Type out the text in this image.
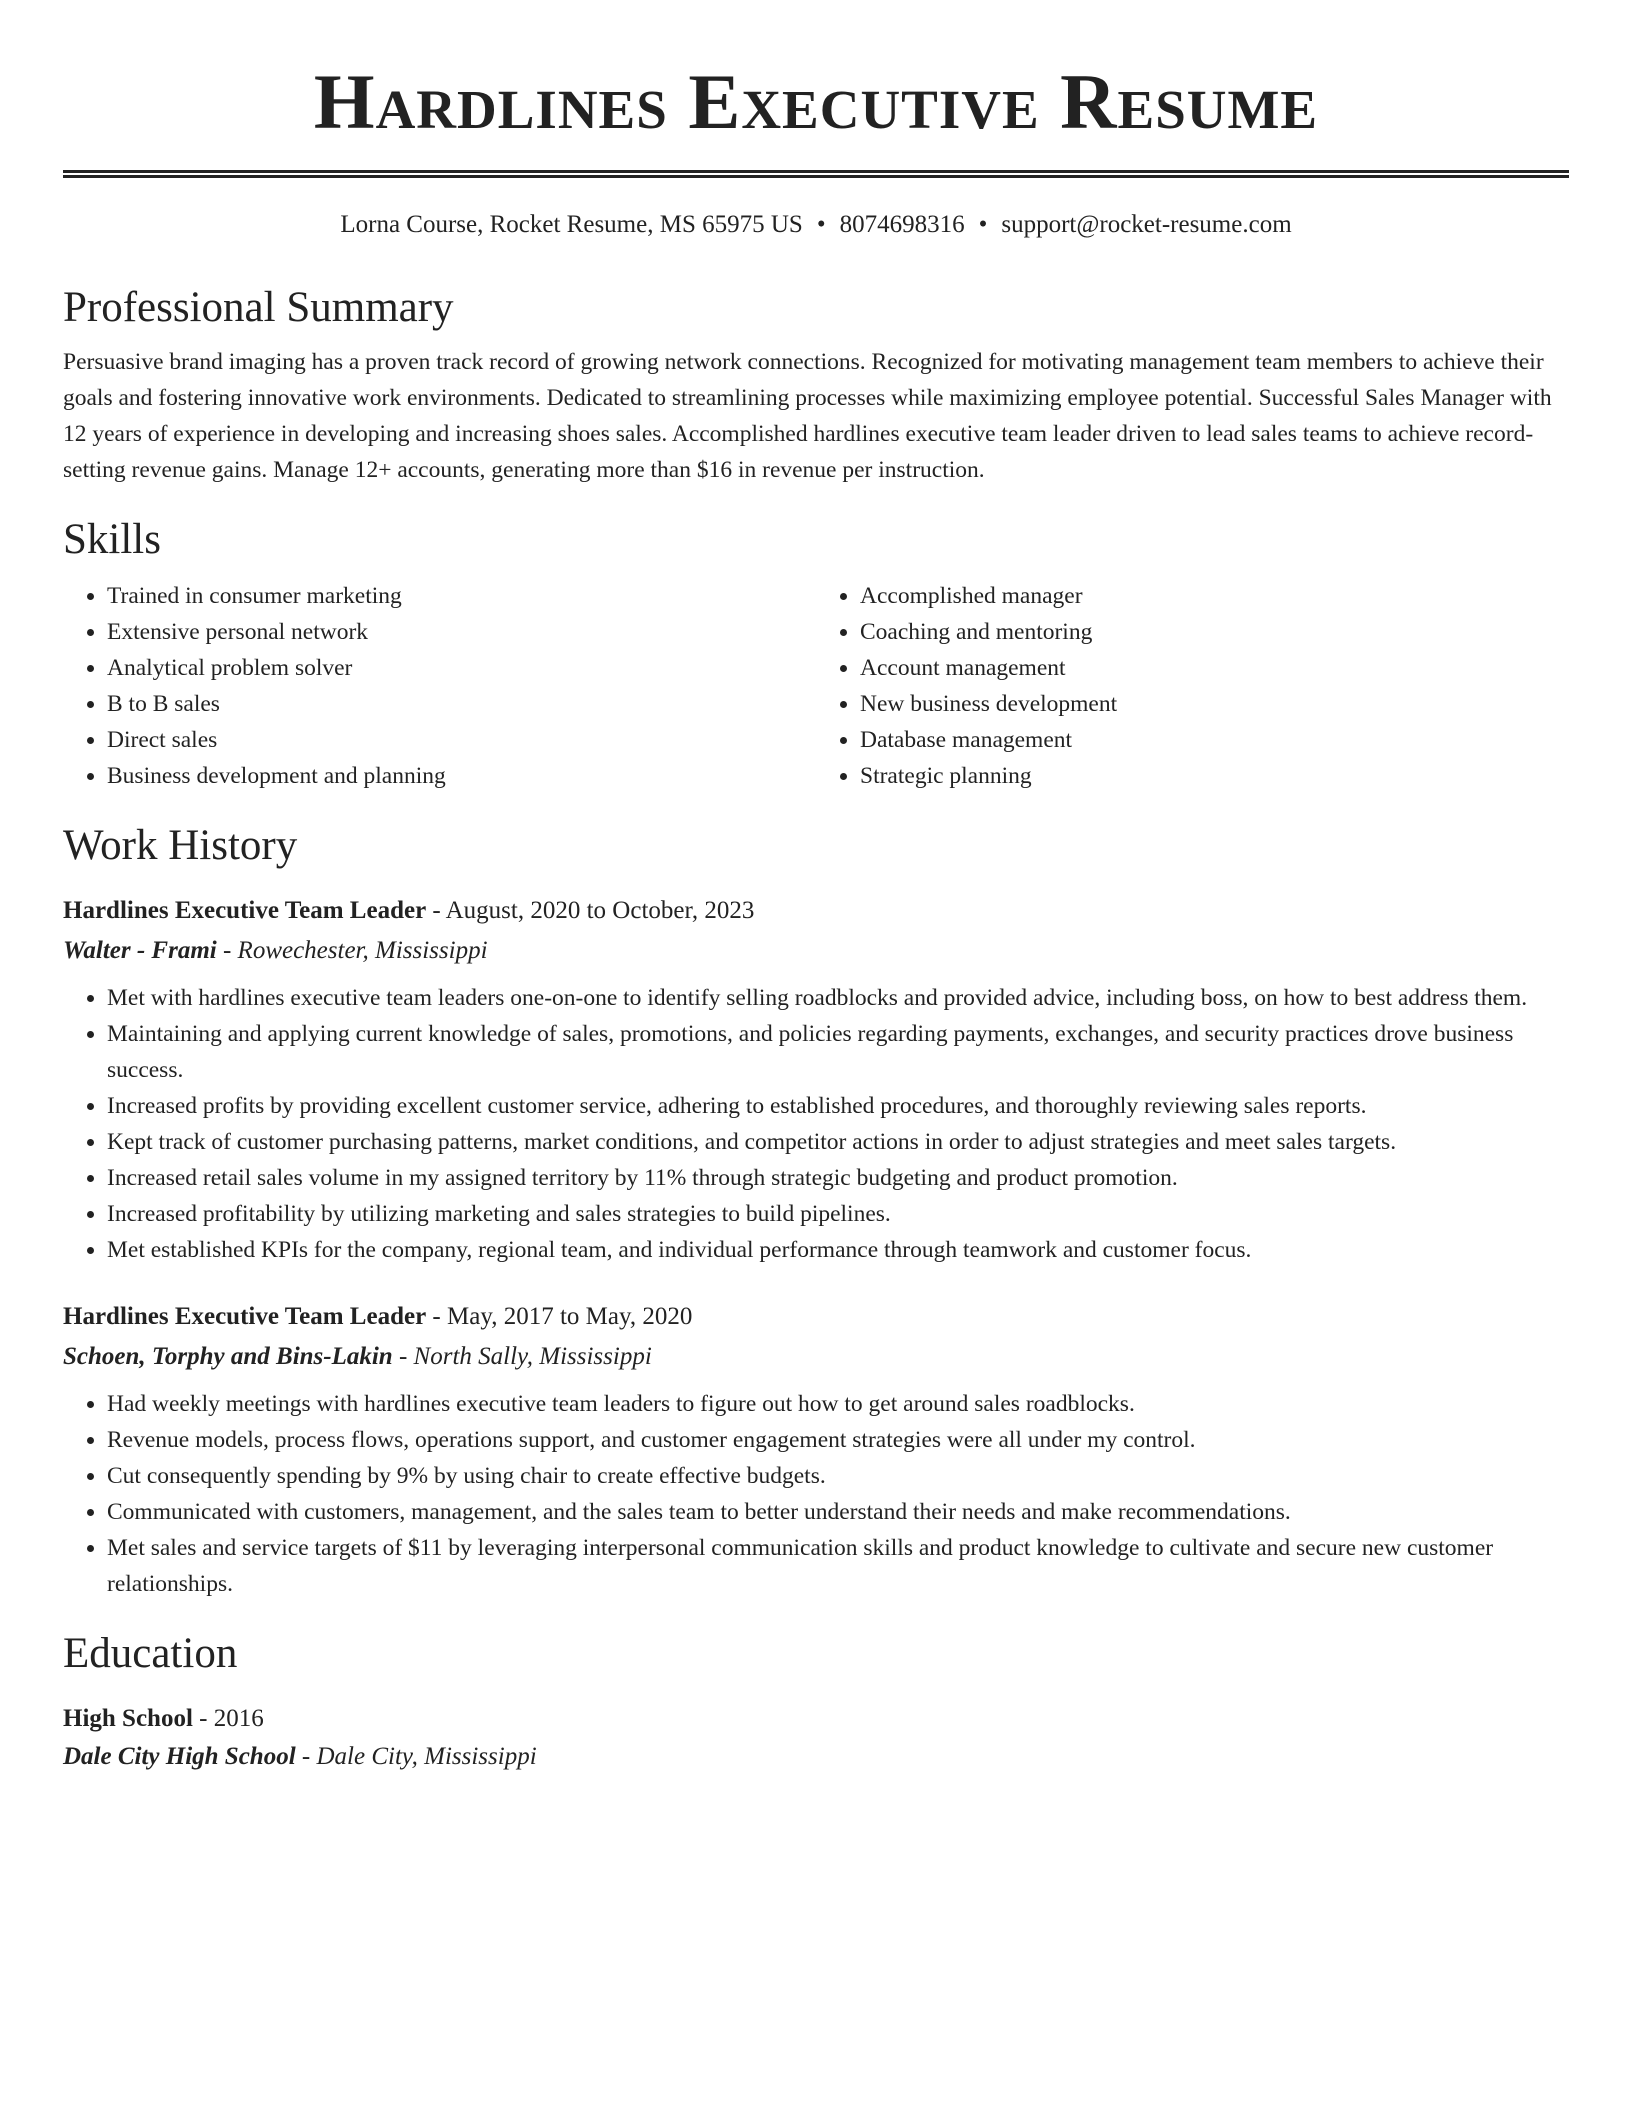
Hardlines Executive Resume
Lorna Course, Rocket Resume, MS 65975 US • 8074698316 • support@rocket-resume.com
Professional Summary

Persuasive brand imaging has a proven track record of growing network connections. Recognized for motivating management team members to achieve their goals and fostering innovative work environments. Dedicated to streamlining processes while maximizing employee potential. Successful Sales Manager with 12 years of experience in developing and increasing shoes sales. Accomplished hardlines executive team leader driven to lead sales teams to achieve record-setting revenue gains. Manage 12+ accounts, generating more than $16 in revenue per instruction.

Skills
• Trained in consumer marketing
• Extensive personal network
• Analytical problem solver
• B to B sales
• Direct sales
• Business development and planning
• Accomplished manager
• Coaching and mentoring
• Account management
• New business development
• Database management
• Strategic planning
Work History
Hardlines Executive Team Leader - August, 2020 to October, 2023
Walter - Frami - Rowechester, Mississippi
• Met with hardlines executive team leaders one-on-one to identify selling roadblocks and provided advice, including boss, on how to best address them.
• Maintaining and applying current knowledge of sales, promotions, and policies regarding payments, exchanges, and security practices drove business success.
• Increased profits by providing excellent customer service, adhering to established procedures, and thoroughly reviewing sales reports.
• Kept track of customer purchasing patterns, market conditions, and competitor actions in order to adjust strategies and meet sales targets.
• Increased retail sales volume in my assigned territory by 11% through strategic budgeting and product promotion.
• Increased profitability by utilizing marketing and sales strategies to build pipelines.
• Met established KPIs for the company, regional team, and individual performance through teamwork and customer focus.
Hardlines Executive Team Leader - May, 2017 to May, 2020
Schoen, Torphy and Bins-Lakin - North Sally, Mississippi
• Had weekly meetings with hardlines executive team leaders to figure out how to get around sales roadblocks.
• Revenue models, process flows, operations support, and customer engagement strategies were all under my control.
• Cut consequently spending by 9% by using chair to create effective budgets.
• Communicated with customers, management, and the sales team to better understand their needs and make recommendations.
• Met sales and service targets of $11 by leveraging interpersonal communication skills and product knowledge to cultivate and secure new customer relationships.
Education
High School - 2016
Dale City High School - Dale City, Mississippi
